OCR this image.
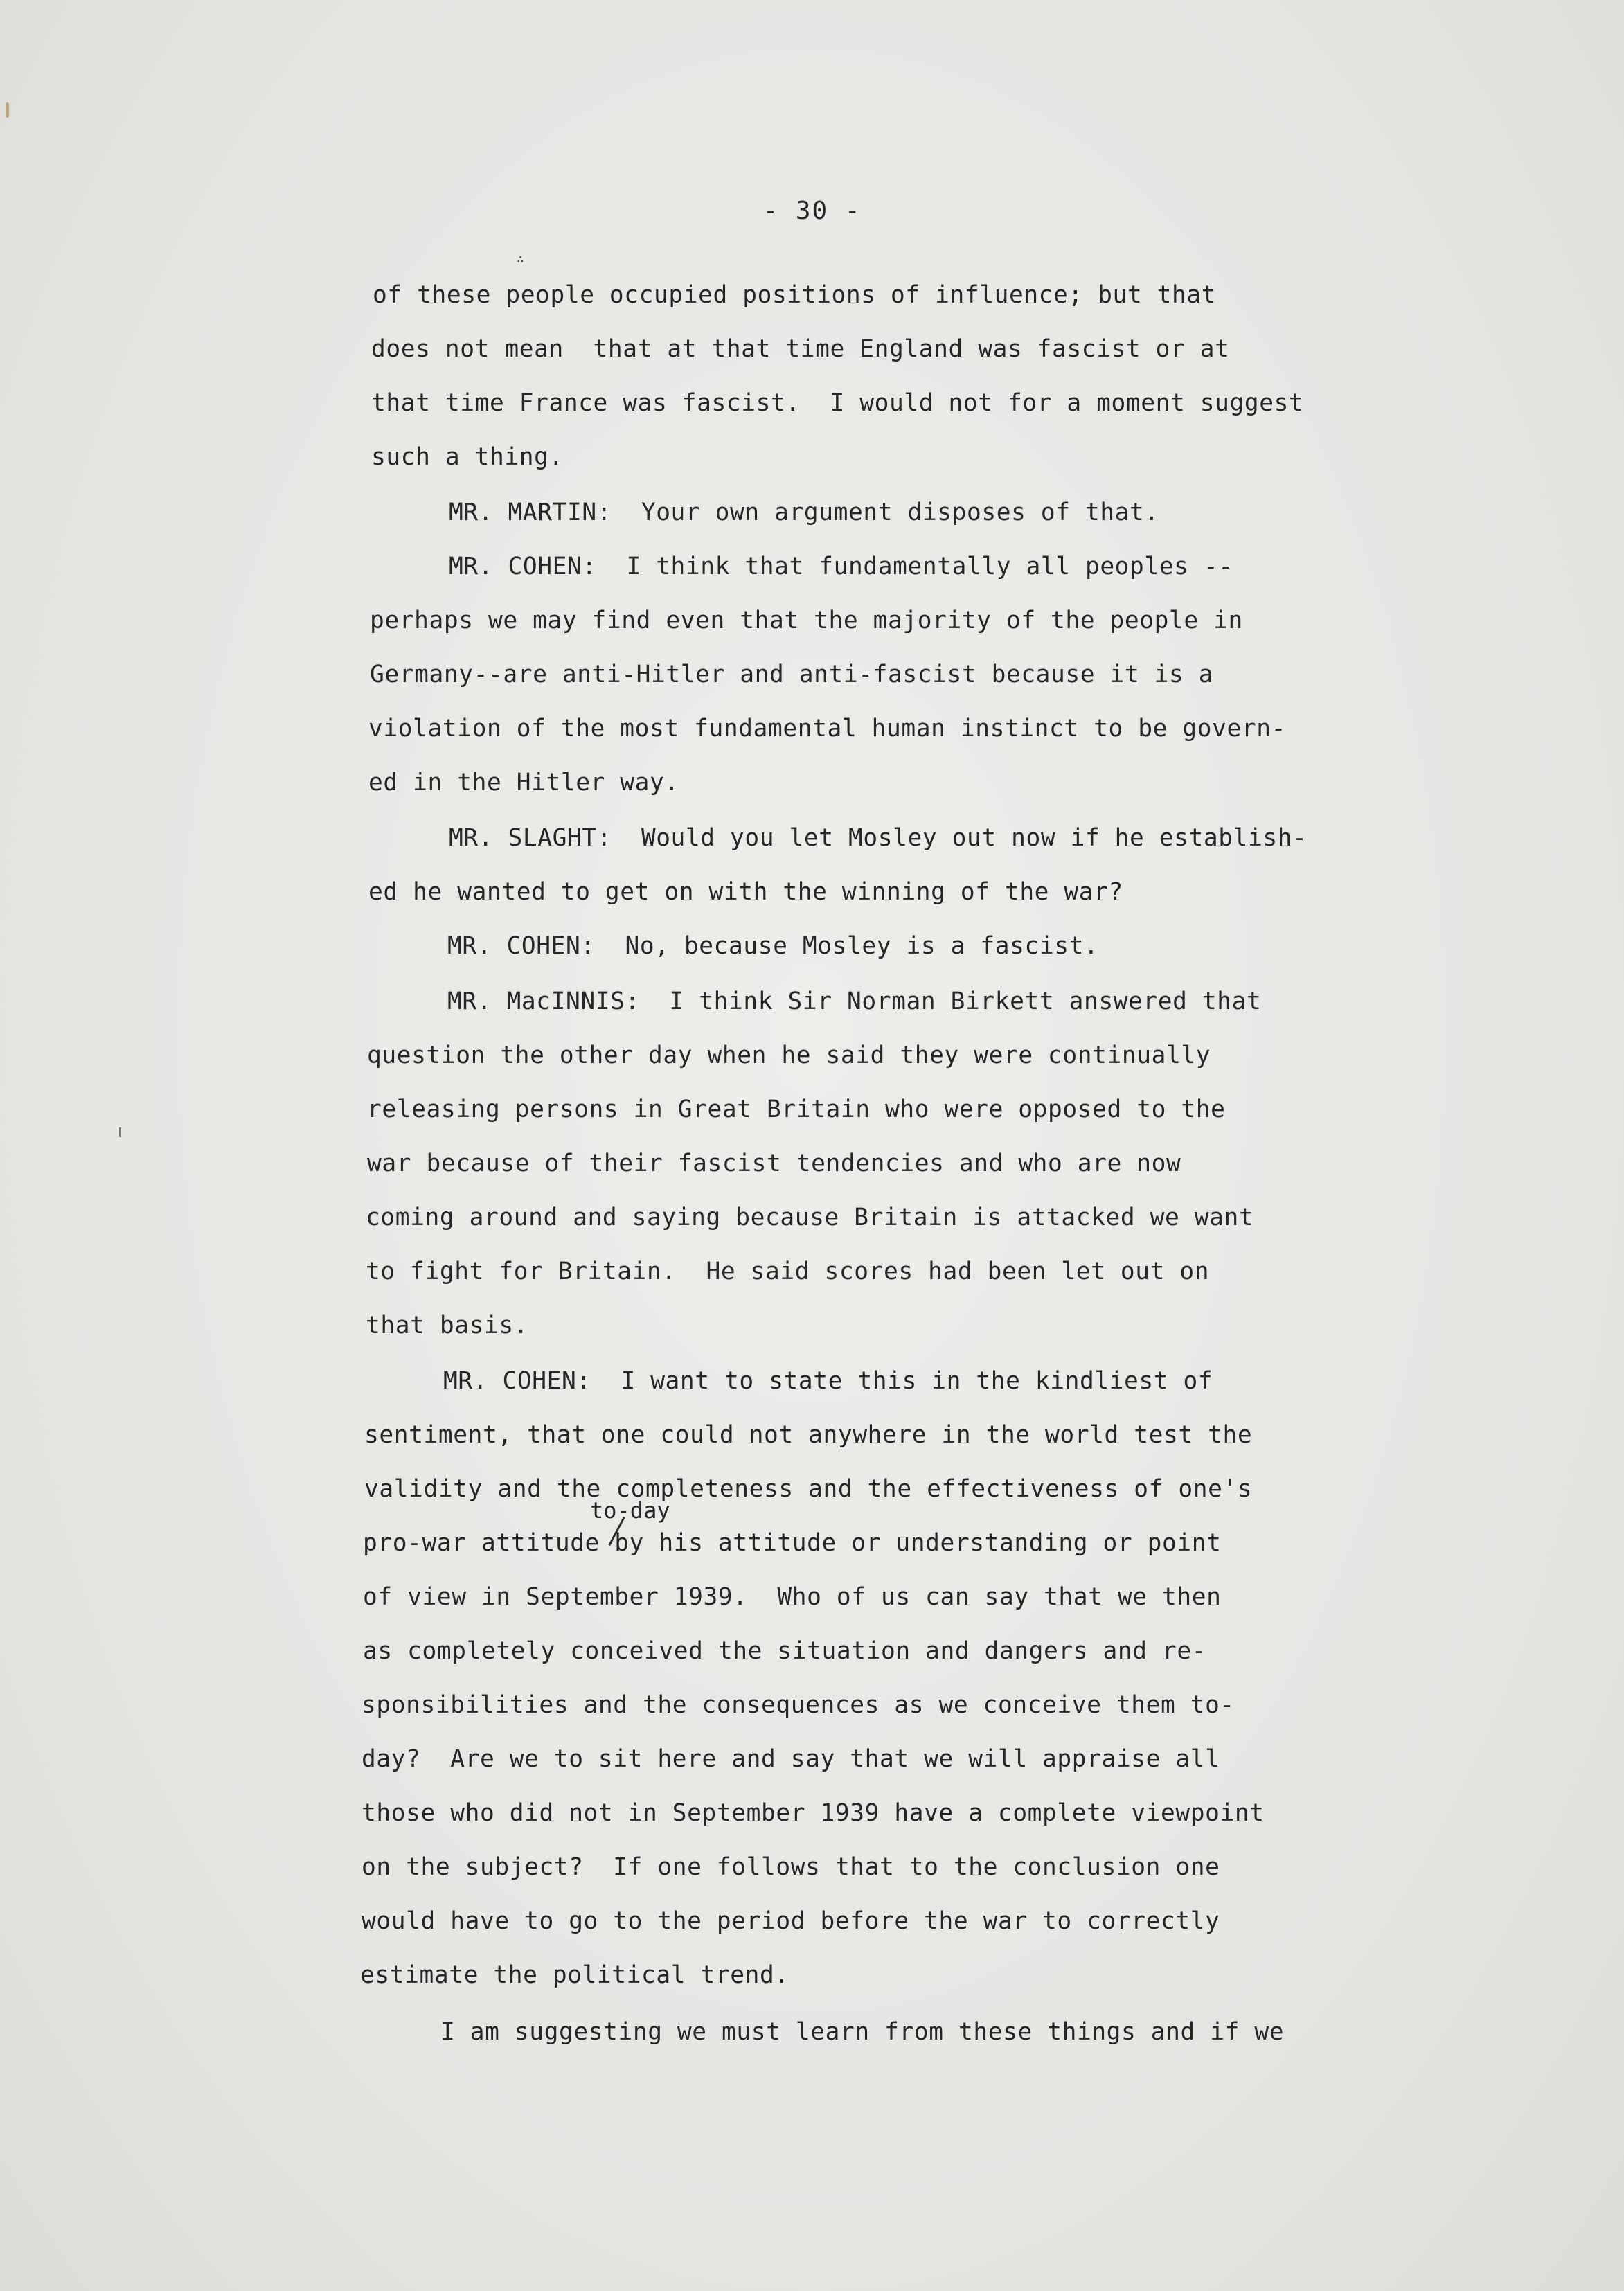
∴
- 30 -
of these people occupied positions of influence; but that
does not mean  that at that time England was fascist or at
that time France was fascist.  I would not for a moment suggest
such a thing.
MR. MARTIN:  Your own argument disposes of that.
MR. COHEN:  I think that fundamentally all peoples --
perhaps we may find even that the majority of the people in
Germany--are anti-Hitler and anti-fascist because it is a
violation of the most fundamental human instinct to be govern-
ed in the Hitler way.
MR. SLAGHT:  Would you let Mosley out now if he establish-
ed he wanted to get on with the winning of the war?
MR. COHEN:  No, because Mosley is a fascist.
MR. MacINNIS:  I think Sir Norman Birkett answered that
question the other day when he said they were continually
releasing persons in Great Britain who were opposed to the
war because of their fascist tendencies and who are now
coming around and saying because Britain is attacked we want
to fight for Britain.  He said scores had been let out on
that basis.
MR. COHEN:  I want to state this in the kindliest of
sentiment, that one could not anywhere in the world test the
validity and the completeness and the effectiveness of one's
to-day
pro-war attitude by his attitude or understanding or point
of view in September 1939.  Who of us can say that we then
as completely conceived the situation and dangers and re-
sponsibilities and the consequences as we conceive them to-
day?  Are we to sit here and say that we will appraise all
those who did not in September 1939 have a complete viewpoint
on the subject?  If one follows that to the conclusion one
would have to go to the period before the war to correctly
estimate the political trend.
I am suggesting we must learn from these things and if we
